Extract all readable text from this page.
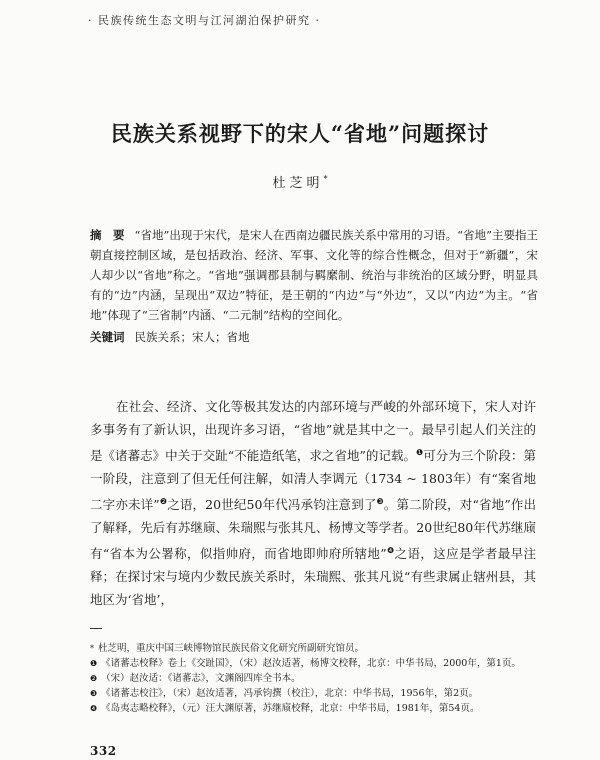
· 民族传统生态文明与江河湖泊保护研究 ·
民族关系视野下的宋人“省地”问题探讨
杜芝明*
摘　要 “省地”出现于宋代，是宋人在西南边疆民族关系中常用的习语。“省地”主要指王朝直接控制区域，是包括政治、经济、军事、文化等的综合性概念，但对于“新疆”，宋人却少以“省地”称之。“省地”强调郡县制与羁縻制、统治与非统治的区域分野，明显具有的“边”内涵，呈现出“双边”特征，是王朝的“内边”与“外边”，又以“内边”为主。“省地”体现了“三省制”内涵、“二元制”结构的空间化。
关键词 民族关系；宋人；省地
在社会、经济、文化等极其发达的内部环境与严峻的外部环境下，宋人对许多事务有了新认识，出现许多习语，“省地”就是其中之一。最早引起人们关注的是《诸蕃志》中关于交趾“不能造纸笔，求之省地”的记载。$^❶$可分为三个阶段：第一阶段，注意到了但无任何注解，如清人李调元（1734 ~ 1803年）有“案省地二字亦未详”$^❷$之语，20世纪50年代冯承钧注意到了$^❸$。第二阶段，对“省地”作出了解释，先后有苏继庼、朱瑞熙与张其凡、杨博文等学者。20世纪80年代苏继庼有“省本为公署称，似指帅府，而省地即帅府所辖地”$^❹$之语，这应是学者最早注释；在探讨宋与境内少数民族关系时，朱瑞熙、张其凡说“有些隶属止辖州县，其地区为‘省地’，

* 杜芝明，重庆中国三峡博物馆民族民俗文化研究所副研究馆员。

❶ 《诸蕃志校释》卷上《交趾国》，（宋）赵汝适著，杨博文校释，北京：中华书局，2000年，第1页。

❷ （宋）赵汝适：《诸蕃志》，文渊阁四库全书本。

❸ 《诸蕃志校注》，（宋）赵汝适著，冯承钧撰（校注），北京：中华书局，1956年，第2页。

❹ 《岛夷志略校释》，（元）汪大渊原著，苏继庼校释，北京：中华书局，1981年，第54页。

332
